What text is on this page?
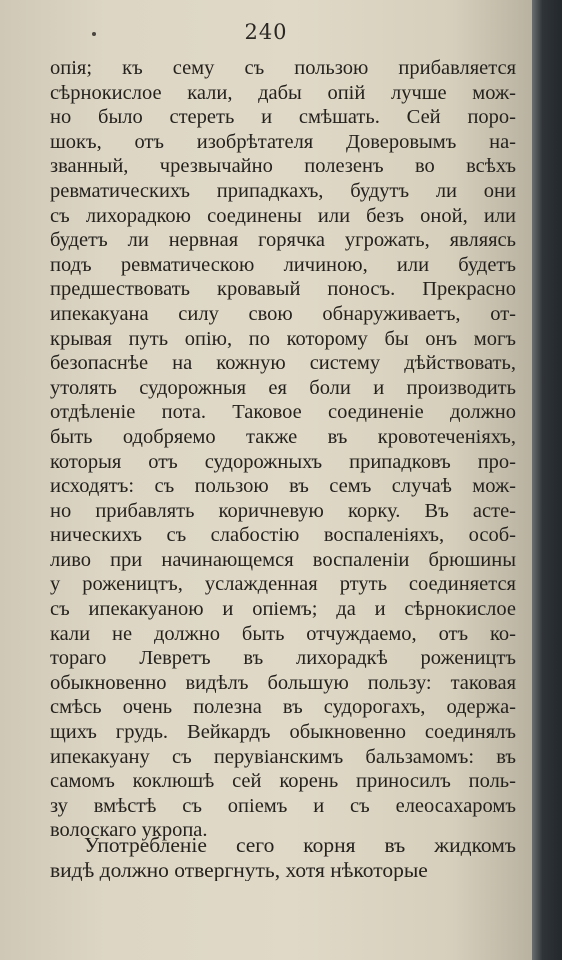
240
опія; къ сему съ пользою прибавляется
сѣрнокислое кали, дабы опій лучше мож-
но было стереть и смѣшать. Сей поро-
шокъ, отъ изобрѣтателя Доверовымъ на-
званный, чрезвычайно полезенъ во всѣхъ
ревматическихъ припадкахъ, будутъ ли они
съ лихорадкою соединены или безъ оной, или
будетъ ли нервная горячка угрожать, являясь
подъ ревматическою личиною, или будетъ
предшествовать кровавый поносъ. Прекрасно
ипекакуана силу свою обнаруживаетъ, от-
крывая путь опію, по которому бы онъ могъ
безопаснѣе на кожную систему дѣйствовать,
утолять судорожныя ея боли и производить
отдѣленіе пота. Таковое соединеніе должно
быть одобряемо также въ кровотеченіяхъ,
которыя отъ судорожныхъ припадковъ про-
исходятъ: съ пользою въ семъ случаѣ мож-
но прибавлять коричневую корку. Въ асте-
ническихъ съ слабостію воспаленіяхъ, особ-
ливо при начинающемся воспаленіи брюшины
у рожеництъ, услажденная ртуть соединяется
съ ипекакуаною и опіемъ; да и сѣрнокислое
кали не должно быть отчуждаемо, отъ ко-
тораго Левретъ въ лихорадкѣ рожеництъ
обыкновенно видѣлъ большую пользу: таковая
смѣсь очень полезна въ судорогахъ, одержа-
щихъ грудь. Вейкардъ обыкновенно соединялъ
ипекакуану съ перувіанскимъ бальзамомъ: въ
самомъ коклюшѣ сей корень приносилъ поль-
зу вмѣстѣ съ опіемъ и съ елеосахаромъ
волоскаго укропа.
Употребленіе сего корня въ жидкомъ
видѣ должно отвергнуть, хотя нѣкоторые
